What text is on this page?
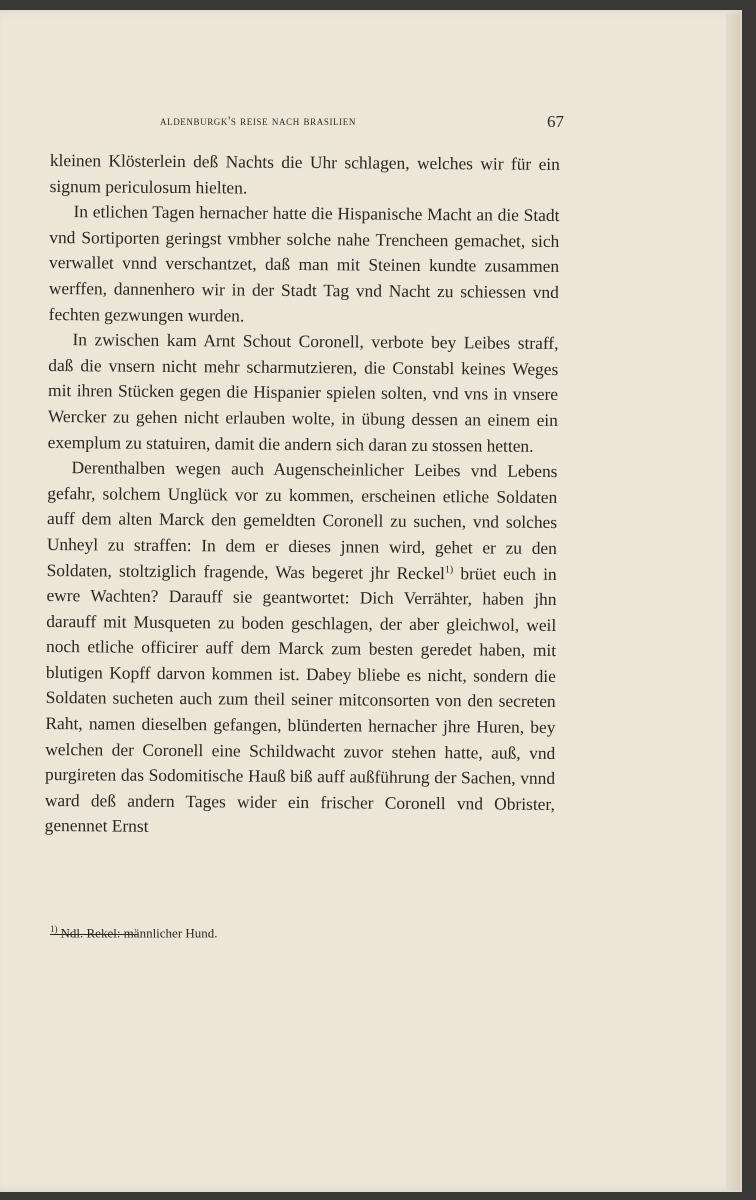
aldenburgk's reise nach brasilien	67

kleinen Klösterlein deß Nachts die Uhr schlagen, welches wir für ein signum periculosum hielten.

In etlichen Tagen hernacher hatte die Hispanische Macht an die Stadt vnd Sortiporten geringst vmbher solche nahe Trencheen gemachet, sich verwallet vnnd verschantzet, daß man mit Steinen kundte zusammen werffen, dannenhero wir in der Stadt Tag vnd Nacht zu schiessen vnd fechten gezwungen wurden.

In zwischen kam Arnt Schout Coronell, verbote bey Leibes straff, daß die vnsern nicht mehr scharmutzieren, die Constabl keines Weges mit ihren Stücken gegen die Hispanier spielen solten, vnd vns in vnsere Wercker zu gehen nicht erlauben wolte, in übung dessen an einem ein exemplum zu statuiren, damit die andern sich daran zu stossen hetten.

Derenthalben wegen auch Augenscheinlicher Leibes vnd Lebens gefahr, solchem Unglück vor zu kommen, erscheinen etliche Soldaten auff dem alten Marck den gemeldten Coronell zu suchen, vnd solches Unheyl zu straffen: In dem er dieses jnnen wird, gehet er zu den Soldaten, stoltziglich fragende, Was begeret jhr Reckel$^{1)}$ brüet euch in ewre Wachten? Darauff sie geantwortet: Dich Verrähter, haben jhn darauff mit Musqueten zu boden geschlagen, der aber gleichwol, weil noch etliche officirer auff dem Marck zum besten geredet haben, mit blutigen Kopff darvon kommen ist. Dabey bliebe es nicht, sondern die Soldaten sucheten auch zum theil seiner mitconsorten von den secreten Raht, namen dieselben gefangen, blünderten hernacher jhre Huren, bey welchen der Coronell eine Schildwacht zuvor stehen hatte, auß, vnd purgireten das Sodomitische Hauß biß auff außführung der Sachen, vnnd ward deß andern Tages wider ein frischer Coronell vnd Obrister, genennet Ernst

$^{1)}$ Ndl. Rekel: männlicher Hund.
